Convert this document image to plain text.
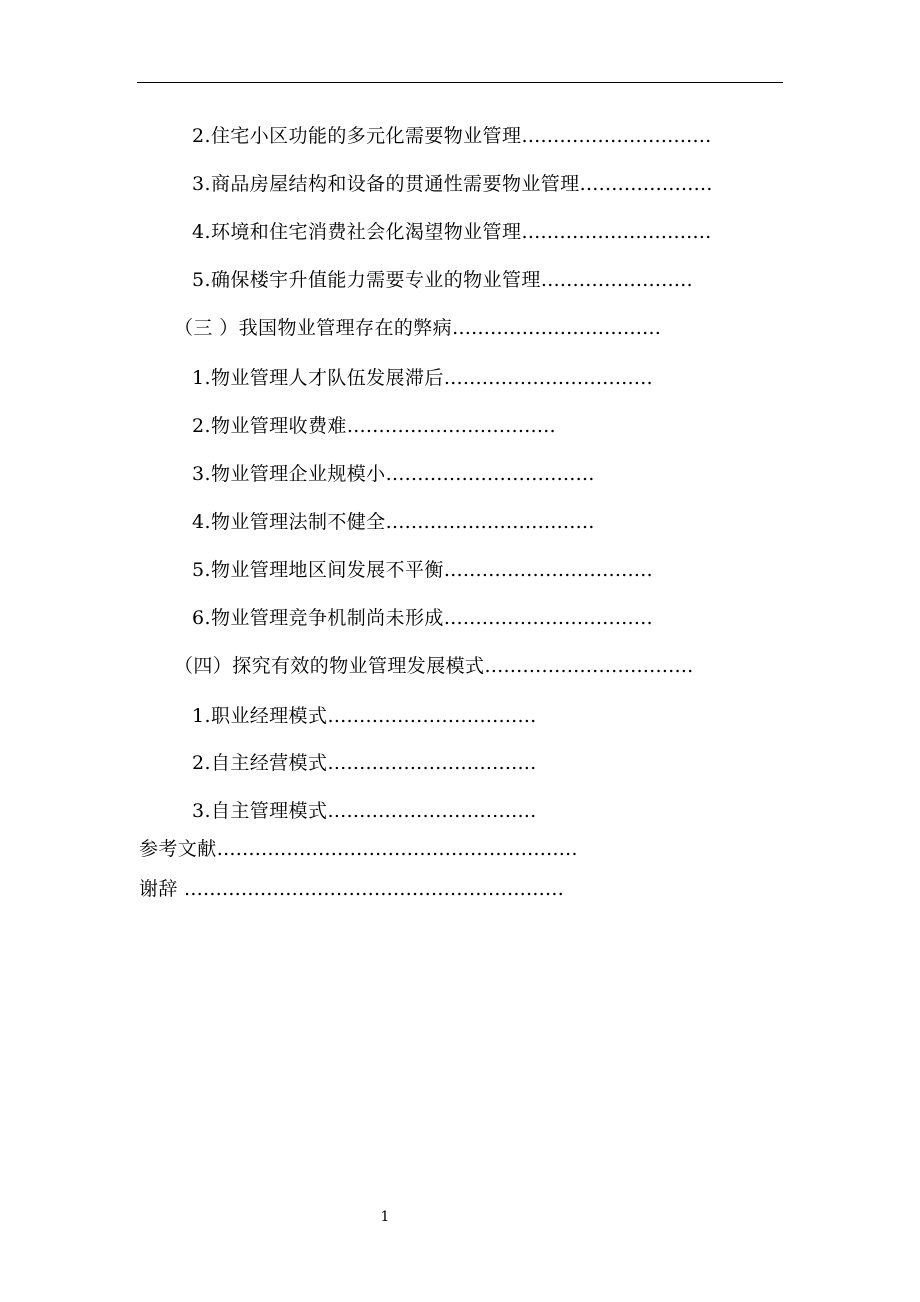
2.住宅小区功能的多元化需要物业管理…………………………
3.商品房屋结构和设备的贯通性需要物业管理…………………
4.环境和住宅消费社会化渴望物业管理…………………………
5.确保楼宇升值能力需要专业的物业管理……………………
（三 ）我国物业管理存在的弊病……………………………
1.物业管理人才队伍发展滞后……………………………
2.物业管理收费难……………………………
3.物业管理企业规模小……………………………
4.物业管理法制不健全……………………………
5.物业管理地区间发展不平衡……………………………
6.物业管理竞争机制尚未形成……………………………
（四）探究有效的物业管理发展模式……………………………
1.职业经理模式……………………………
2.自主经营模式……………………………
3.自主管理模式……………………………
参考文献…………………………………………………
谢辞 ……………………………………………………
1
